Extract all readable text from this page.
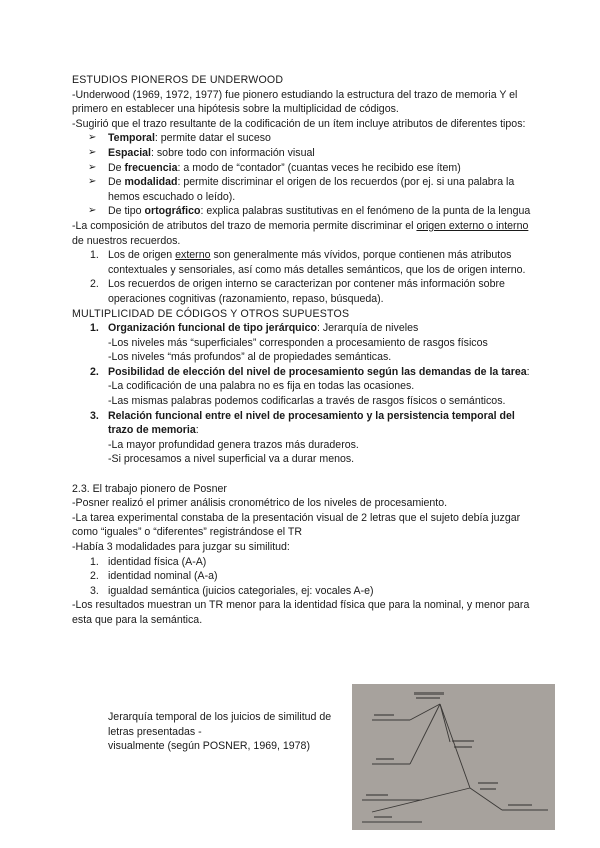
ESTUDIOS PIONEROS DE UNDERWOOD

-Underwood (1969, 1972, 1977) fue pionero estudiando la estructura del trazo de memoria Y el primero en establecer una hipótesis sobre la multiplicidad de códigos.

-Sugirió que el trazo resultante de la codificación de un ítem incluye atributos de diferentes tipos:

➢ Temporal: permite datar el suceso
➢ Espacial: sobre todo con información visual
➢ De frecuencia: a modo de “contador” (cuantas veces he recibido ese ítem)
➢ De modalidad: permite discriminar el origen de los recuerdos (por ej. si una palabra la hemos escuchado o leído).
➢ De tipo ortográfico: explica palabras sustitutivas en el fenómeno de la punta de la lengua

-La composición de atributos del trazo de memoria permite discriminar el origen externo o interno de nuestros recuerdos.

1. Los de origen externo son generalmente más vívidos, porque contienen más atributos contextuales y sensoriales, así como más detalles semánticos, que los de origen interno.
2. Los recuerdos de origen interno se caracterizan por contener más información sobre operaciones cognitivas (razonamiento, repaso, búsqueda).

MULTIPLICIDAD DE CÓDIGOS Y OTROS SUPUESTOS

1. Organización funcional de tipo jerárquico: Jerarquía de niveles
-Los niveles más “superficiales” corresponden a procesamiento de rasgos físicos
-Los niveles “más profundos” al de propiedades semánticas.
2. Posibilidad de elección del nivel de procesamiento según las demandas de la tarea:
-La codificación de una palabra no es fija en todas las ocasiones.
-Las mismas palabras podemos codificarlas a través de rasgos físicos o semánticos.
3. Relación funcional entre el nivel de procesamiento y la persistencia temporal del trazo de memoria:
-La mayor profundidad genera trazos más duraderos.
-Si procesamos a nivel superficial va a durar menos.

2.3. El trabajo pionero de Posner

-Posner realizó el primer análisis cronométrico de los niveles de procesamiento.

-La tarea experimental constaba de la presentación visual de 2 letras que el sujeto debía juzgar como “iguales” o “diferentes” registrándose el TR

-Había 3 modalidades para juzgar su similitud:

1. identidad física (A-A)
2. identidad nominal (A-a)
3. igualdad semántica (juicios categoriales, ej: vocales A-e)

-Los resultados muestran un TR menor para la identidad física que para la nominal, y menor para esta que para la semántica.

Jerarquía temporal de los juicios de similitud de

letras presentadas -

visualmente (según POSNER, 1969, 1978)
